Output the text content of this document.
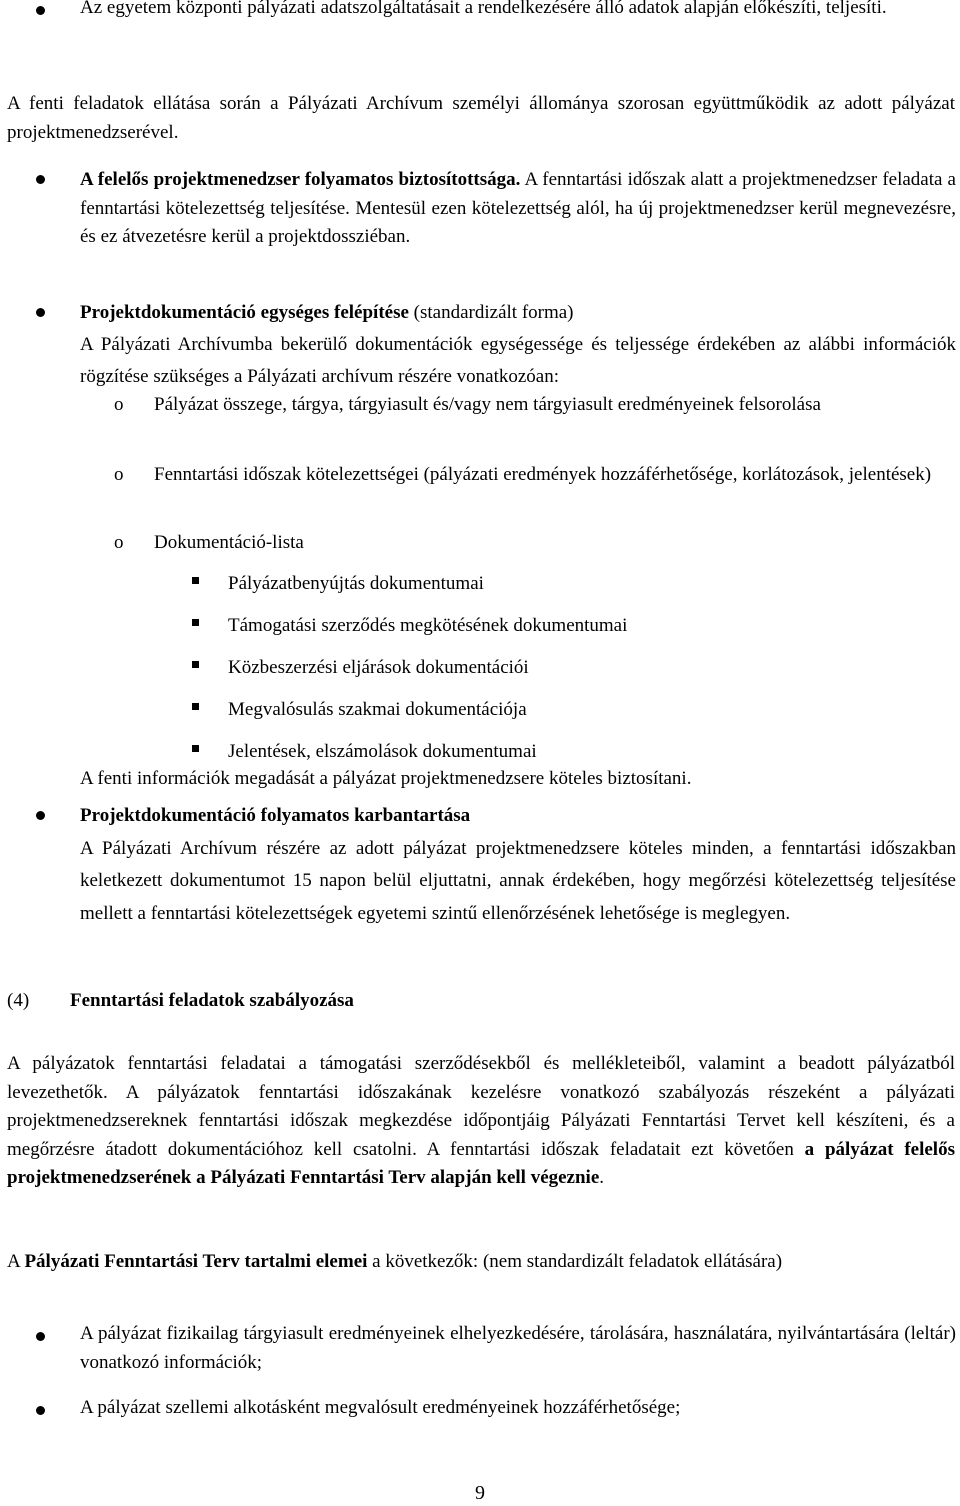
Az egyetem központi pályázati adatszolgáltatásait a rendelkezésére álló adatok alapján előkészíti, teljesíti.

A fenti feladatok ellátása során a Pályázati Archívum személyi állománya szorosan együttműködik az adott pályázat projektmenedzserével.

A felelős projektmenedzser folyamatos biztosítottsága. A fenntartási időszak alatt a projektmenedzser feladata a fenntartási kötelezettség teljesítése. Mentesül ezen kötelezettség alól, ha új projektmenedzser kerül megnevezésre, és ez átvezetésre kerül a projektdossziéban.

Projektdokumentáció egységes felépítése (standardizált forma)
A Pályázati Archívumba bekerülő dokumentációk egységessége és teljessége érdekében az alábbi információk rögzítése szükséges a Pályázati archívum részére vonatkozóan:

o Pályázat összege, tárgya, tárgyiasult és/vagy nem tárgyiasult eredményeinek felsorolása

o Fenntartási időszak kötelezettségei (pályázati eredmények hozzáférhetősége, korlátozások, jelentések)

o Dokumentáció-lista

Pályázatbenyújtás dokumentumai
Támogatási szerződés megkötésének dokumentumai
Közbeszerzési eljárások dokumentációi
Megvalósulás szakmai dokumentációja
Jelentések, elszámolások dokumentumai

A fenti információk megadását a pályázat projektmenedzsere köteles biztosítani.

Projektdokumentáció folyamatos karbantartása
A Pályázati Archívum részére az adott pályázat projektmenedzsere köteles minden, a fenntartási időszakban keletkezett dokumentumot 15 napon belül eljuttatni, annak érdekében, hogy megőrzési kötelezettség teljesítése mellett a fenntartási kötelezettségek egyetemi szintű ellenőrzésének lehetősége is meglegyen.

(4) Fenntartási feladatok szabályozása

A pályázatok fenntartási feladatai a támogatási szerződésekből és mellékleteiből, valamint a beadott pályázatból levezethetők. A pályázatok fenntartási időszakának kezelésre vonatkozó szabályozás részeként a pályázati projektmenedzsereknek fenntartási időszak megkezdése időpontjáig Pályázati Fenntartási Tervet kell készíteni, és a megőrzésre átadott dokumentációhoz kell csatolni. A fenntartási időszak feladatait ezt követően a pályázat felelős projektmenedzserének a Pályázati Fenntartási Terv alapján kell végeznie.

A Pályázati Fenntartási Terv tartalmi elemei a következők: (nem standardizált feladatok ellátására)

A pályázat fizikailag tárgyiasult eredményeinek elhelyezkedésére, tárolására, használatára, nyilvántartására (leltár) vonatkozó információk;

A pályázat szellemi alkotásként megvalósult eredményeinek hozzáférhetősége;

9
